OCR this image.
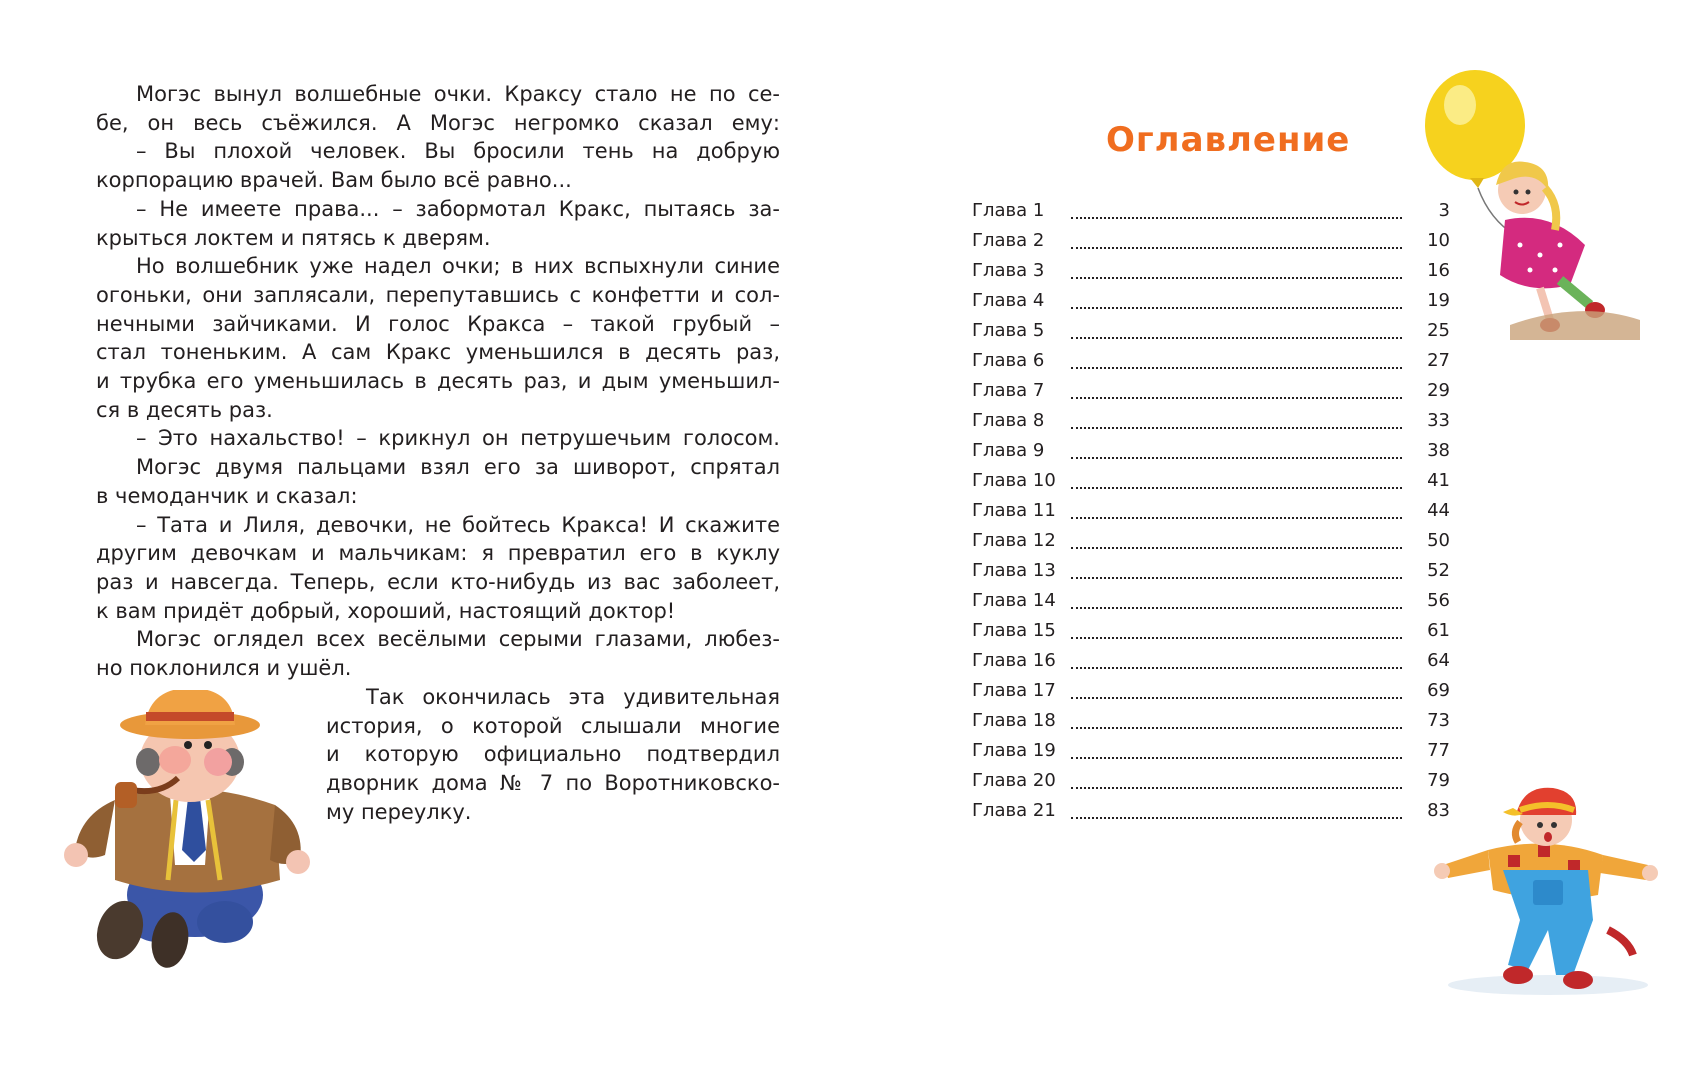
Могэс вынул волшебные очки. Краксу стало не по се-

бе, он весь съёжился. А Могэс негромко сказал ему:

– Вы плохой человек. Вы бросили тень на добрую

корпорацию врачей. Вам было всё равно...

– Не имеете права... – забормотал Кракс, пытаясь за-

крыться локтем и пятясь к дверям.

Но волшебник уже надел очки; в них вспыхнули синие

огоньки, они заплясали, перепутавшись с конфетти и сол-

нечными зайчиками. И голос Кракса – такой грубый –

стал тоненьким. А сам Кракс уменьшился в десять раз,

и трубка его уменьшилась в десять раз, и дым уменьшил-

ся в десять раз.

– Это нахальство! – крикнул он петрушечьим голосом.

Могэс двумя пальцами взял его за шиворот, спрятал

в чемоданчик и сказал:

– Тата и Лиля, девочки, не бойтесь Кракса! И скажите

другим девочкам и мальчикам: я превратил его в куклу

раз и навсегда. Теперь, если кто-нибудь из вас заболеет,

к вам придёт добрый, хороший, настоящий доктор!

Могэс оглядел всех весёлыми серыми глазами, любез-

но поклонился и ушёл.

Так окончилась эта удивительная

история, о которой слышали многие

и которую официально подтвердил

дворник дома № 7 по Воротниковско-

му переулку.

Оглавление
Глава 1	3
Глава 2	10
Глава 3	16
Глава 4	19
Глава 5	25
Глава 6	27
Глава 7	29
Глава 8	33
Глава 9	38
Глава 10	41
Глава 11	44
Глава 12	50
Глава 13	52
Глава 14	56
Глава 15	61
Глава 16	64
Глава 17	69
Глава 18	73
Глава 19	77
Глава 20	79
Глава 21	83
